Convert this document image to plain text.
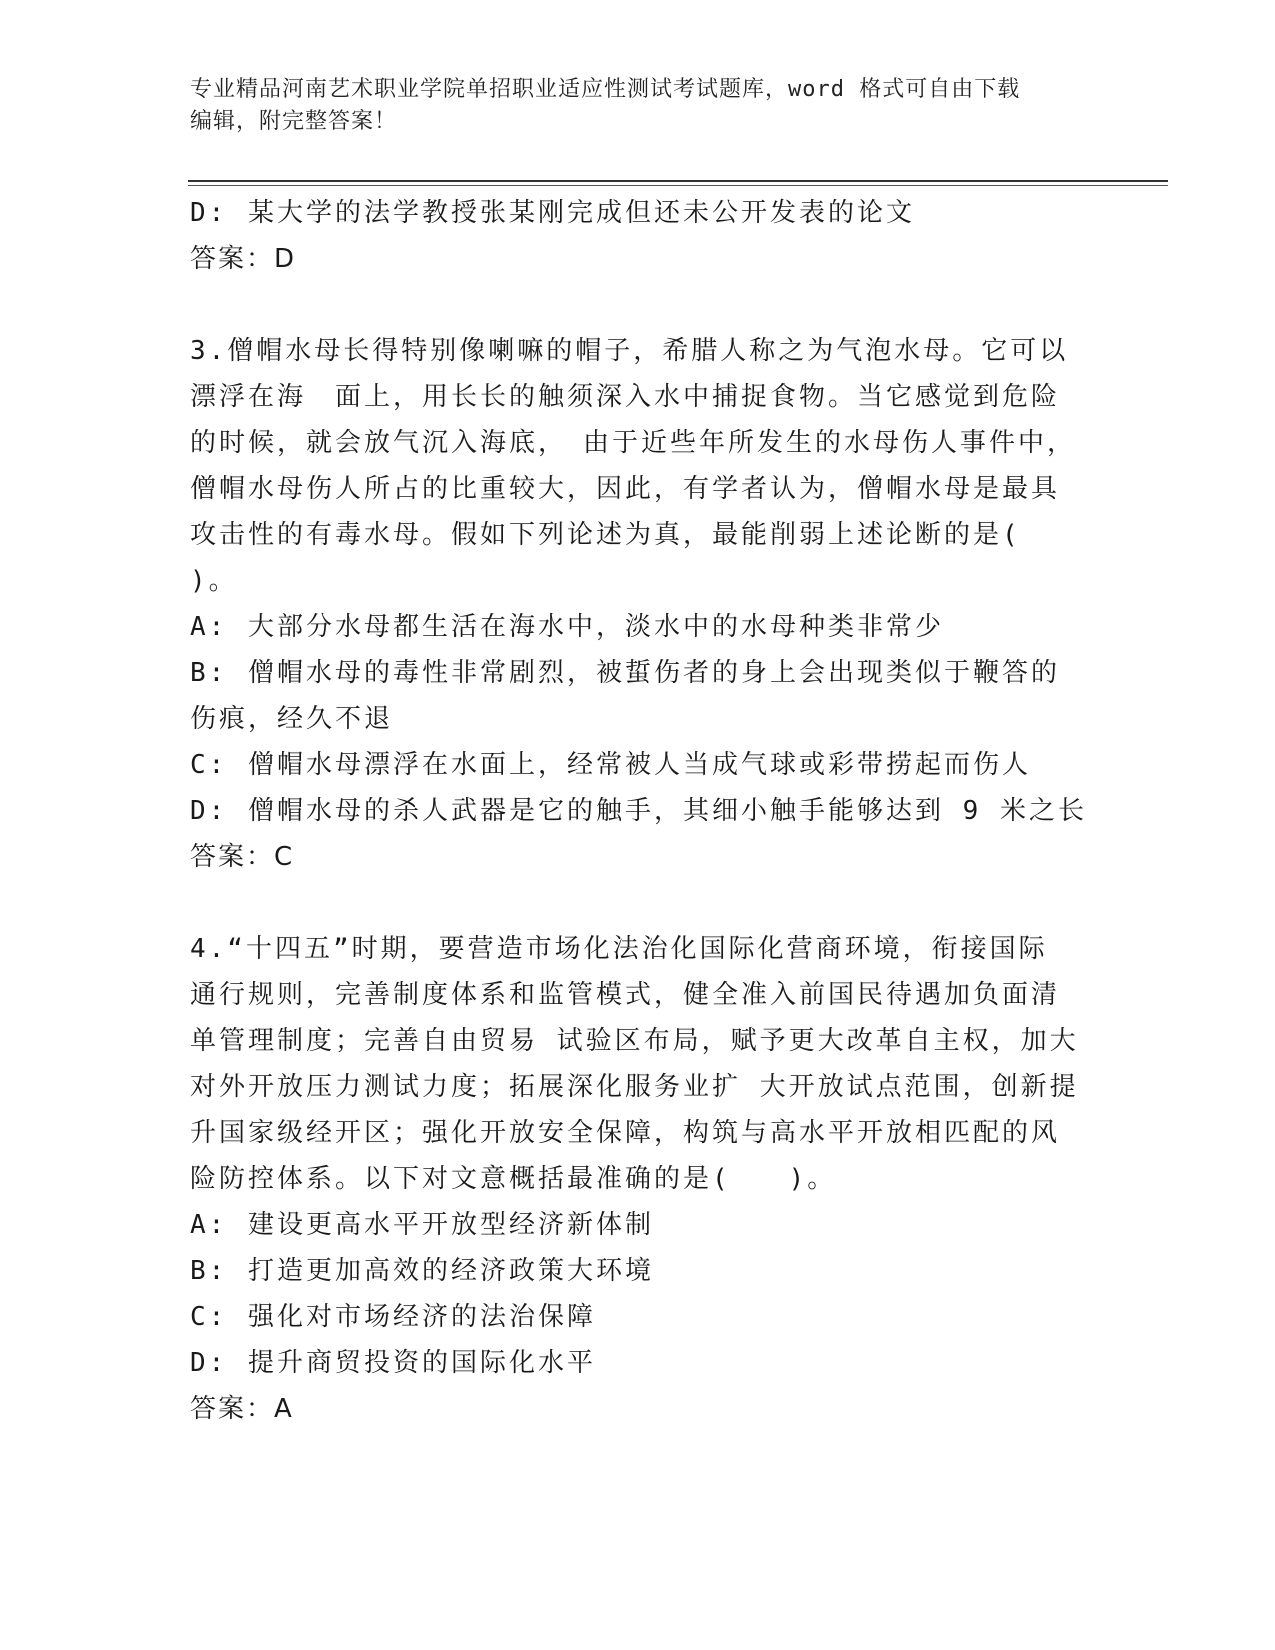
专业精品河南艺术职业学院单招职业适应性测试考试题库，word 格式可自由下载
编辑，附完整答案！
D: 某大学的法学教授张某刚完成但还未公开发表的论文
答案：D
3.僧帽水母长得特别像喇嘛的帽子，希腊人称之为气泡水母。它可以
漂浮在海　面上，用长长的触须深入水中捕捉食物。当它感觉到危险
的时候，就会放气沉入海底，　由于近些年所发生的水母伤人事件中，
僧帽水母伤人所占的比重较大，因此，有学者认为，僧帽水母是最具
攻击性的有毒水母。假如下列论述为真，最能削弱上述论断的是(
)。
A: 大部分水母都生活在海水中，淡水中的水母种类非常少
B: 僧帽水母的毒性非常剧烈，被蜇伤者的身上会出现类似于鞭答的
伤痕，经久不退
C: 僧帽水母漂浮在水面上，经常被人当成气球或彩带捞起而伤人
D: 僧帽水母的杀人武器是它的触手，其细小触手能够达到 9 米之长
答案：C
4.“十四五”时期，要营造市场化法治化国际化营商环境，衔接国际
通行规则，完善制度体系和监管模式，健全准入前国民待遇加负面清
单管理制度；完善自由贸易 试验区布局，赋予更大改革自主权，加大
对外开放压力测试力度；拓展深化服务业扩 大开放试点范围，创新提
升国家级经开区；强化开放安全保障，构筑与高水平开放相匹配的风
险防控体系。以下对文意概括最准确的是(　　)。
A: 建设更高水平开放型经济新体制
B: 打造更加高效的经济政策大环境
C: 强化对市场经济的法治保障
D: 提升商贸投资的国际化水平
答案：A
